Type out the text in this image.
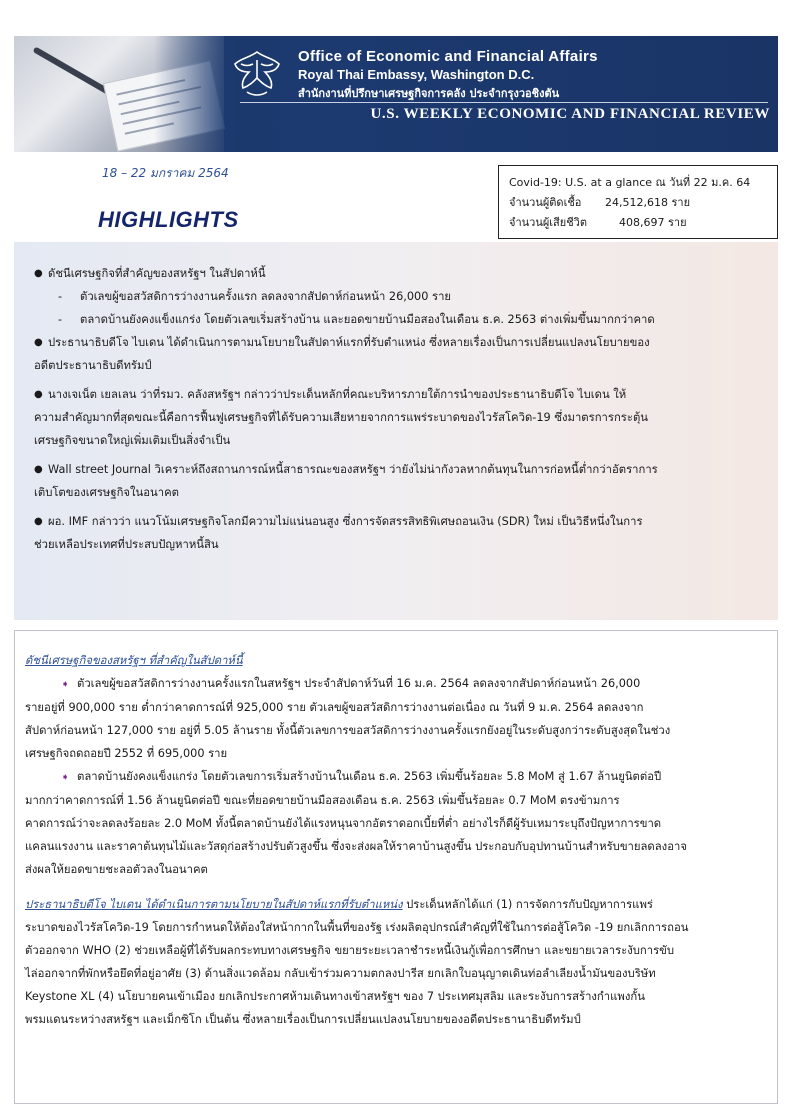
Office of Economic and Financial Affairs
Royal Thai Embassy, Washington D.C.
สำนักงานที่ปรึกษาเศรษฐกิจการคลัง ประจำกรุงวอชิงตัน
U.S. WEEKLY ECONOMIC AND FINANCIAL REVIEW
18 – 22 มกราคม 2564
HIGHLIGHTS
Covid-19: U.S. at a glance ณ วันที่ 22 ม.ค. 64
จำนวนผู้ติดเชื้อ	24,512,618 ราย
จำนวนผู้เสียชีวิต	408,697 ราย

● ดัชนีเศรษฐกิจที่สำคัญของสหรัฐฯ ในสัปดาห์นี้

- ตัวเลขผู้ขอสวัสดิการว่างงานครั้งแรก ลดลงจากสัปดาห์ก่อนหน้า 26,000 ราย

- ตลาดบ้านยังคงแข็งแกร่ง โดยตัวเลขเริ่มสร้างบ้าน และยอดขายบ้านมือสองในเดือน ธ.ค. 2563 ต่างเพิ่มขึ้นมากกว่าคาด

● ประธานาธิบดีโจ ไบเดน ได้ดำเนินการตามนโยบายในสัปดาห์แรกที่รับตำแหน่ง ซึ่งหลายเรื่องเป็นการเปลี่ยนแปลงนโยบายของ

อดีตประธานาธิบดีทรัมป์

● นางเจเน็ต เยลเลน ว่าที่รมว. คลังสหรัฐฯ กล่าวว่าประเด็นหลักที่คณะบริหารภายใต้การนำของประธานาธิบดีโจ ไบเดน ให้

ความสำคัญมากที่สุดขณะนี้คือการฟื้นฟูเศรษฐกิจที่ได้รับความเสียหายจากการแพร่ระบาดของไวรัสโควิด-19 ซึ่งมาตรการกระตุ้น

เศรษฐกิจขนาดใหญ่เพิ่มเติมเป็นสิ่งจำเป็น

● Wall street Journal วิเคราะห์ถึงสถานการณ์หนี้สาธารณะของสหรัฐฯ ว่ายังไม่น่ากังวลหากต้นทุนในการก่อหนี้ต่ำกว่าอัตราการ

เติบโตของเศรษฐกิจในอนาคต

● ผอ. IMF กล่าวว่า แนวโน้มเศรษฐกิจโลกมีความไม่แน่นอนสูง ซึ่งการจัดสรรสิทธิพิเศษถอนเงิน (SDR) ใหม่ เป็นวิธีหนึ่งในการ

ช่วยเหลือประเทศที่ประสบปัญหาหนี้สิน

ดัชนีเศรษฐกิจของสหรัฐฯ ที่สำคัญในสัปดาห์นี้

➧ ตัวเลขผู้ขอสวัสดิการว่างงานครั้งแรกในสหรัฐฯ ประจำสัปดาห์วันที่ 16 ม.ค. 2564 ลดลงจากสัปดาห์ก่อนหน้า 26,000

รายอยู่ที่ 900,000 ราย ต่ำกว่าคาดการณ์ที่ 925,000 ราย ตัวเลขผู้ขอสวัสดิการว่างงานต่อเนื่อง ณ วันที่ 9 ม.ค. 2564 ลดลงจาก

สัปดาห์ก่อนหน้า 127,000 ราย อยู่ที่ 5.05 ล้านราย ทั้งนี้ตัวเลขการขอสวัสดิการว่างงานครั้งแรกยังอยู่ในระดับสูงกว่าระดับสูงสุดในช่วง

เศรษฐกิจถดถอยปี 2552 ที่ 695,000 ราย

➧ ตลาดบ้านยังคงแข็งแกร่ง โดยตัวเลขการเริ่มสร้างบ้านในเดือน ธ.ค. 2563 เพิ่มขึ้นร้อยละ 5.8 MoM สู่ 1.67 ล้านยูนิตต่อปี

มากกว่าคาดการณ์ที่ 1.56 ล้านยูนิตต่อปี ขณะที่ยอดขายบ้านมือสองเดือน ธ.ค. 2563 เพิ่มขึ้นร้อยละ 0.7 MoM ตรงข้ามการ

คาดการณ์ว่าจะลดลงร้อยละ 2.0 MoM ทั้งนี้ตลาดบ้านยังได้แรงหนุนจากอัตราดอกเบี้ยที่ต่ำ อย่างไรก็ดีผู้รับเหมาระบุถึงปัญหาการขาด

แคลนแรงงาน และราคาต้นทุนไม้และวัสดุก่อสร้างปรับตัวสูงขึ้น ซึ่งจะส่งผลให้ราคาบ้านสูงขึ้น ประกอบกับอุปทานบ้านสำหรับขายลดลงอาจ

ส่งผลให้ยอดขายชะลอตัวลงในอนาคต

ประธานาธิบดีโจ ไบเดน ได้ดำเนินการตามนโยบายในสัปดาห์แรกที่รับตำแหน่ง ประเด็นหลักได้แก่ (1) การจัดการกับปัญหาการแพร่

ระบาดของไวรัสโควิด-19 โดยการกำหนดให้ต้องใส่หน้ากากในพื้นที่ของรัฐ เร่งผลิตอุปกรณ์สำคัญที่ใช้ในการต่อสู้โควิด -19 ยกเลิกการถอน

ตัวออกจาก WHO (2) ช่วยเหลือผู้ที่ได้รับผลกระทบทางเศรษฐกิจ ขยายระยะเวลาชำระหนี้เงินกู้เพื่อการศึกษา และขยายเวลาระงับการขับ

ไล่ออกจากที่พักหรือยึดที่อยู่อาศัย (3) ด้านสิ่งแวดล้อม กลับเข้าร่วมความตกลงปารีส ยกเลิกใบอนุญาตเดินท่อลำเลียงน้ำมันของบริษัท

Keystone XL (4) นโยบายคนเข้าเมือง ยกเลิกประกาศห้ามเดินทางเข้าสหรัฐฯ ของ 7 ประเทศมุสลิม และระงับการสร้างกำแพงกั้น

พรมแดนระหว่างสหรัฐฯ และเม็กซิโก เป็นต้น ซึ่งหลายเรื่องเป็นการเปลี่ยนแปลงนโยบายของอดีตประธานาธิบดีทรัมป์
